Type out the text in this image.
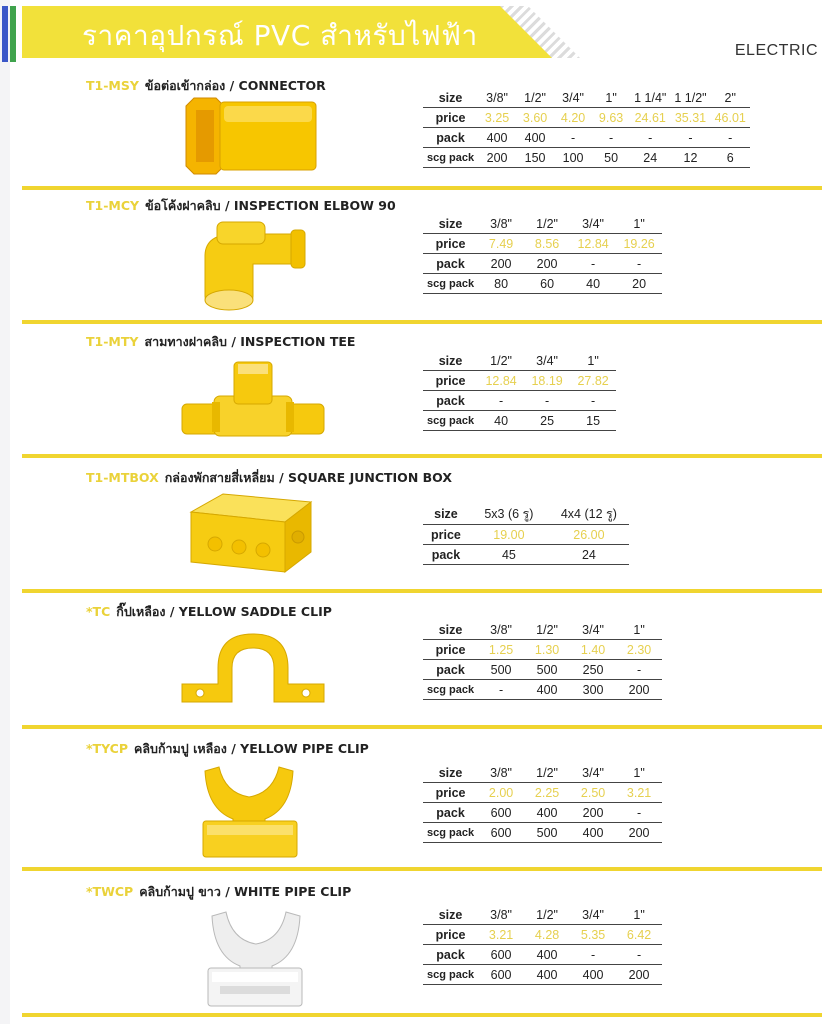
ราคาอุปกรณ์ PVC สำหรับไฟฟ้า	ELECTRIC
T1-MSY ข้อต่อเข้ากล่อง / CONNECTOR
size	3/8"	1/2"	3/4"	1"	1 1/4"	1 1/2"	2"
price	3.25	3.60	4.20	9.63	24.61	35.31	46.01
pack	400	400	-	-	-	-	-
scg pack	200	150	100	50	24	12	6
T1-MCY ข้อโค้งฝาคลิบ / INSPECTION ELBOW 90
size	3/8"	1/2"	3/4"	1"
price	7.49	8.56	12.84	19.26
pack	200	200	-	-
scg pack	80	60	40	20
T1-MTY สามทางฝาคลิบ / INSPECTION TEE
size	1/2"	3/4"	1"
price	12.84	18.19	27.82
pack	-	-	-
scg pack	40	25	15
T1-MTBOX กล่องพักสายสี่เหลี่ยม / SQUARE JUNCTION BOX
size	5x3 (6 รู)	4x4 (12 รู)
price	19.00	26.00
pack	45	24
*TC กิ๊ปเหลือง / YELLOW SADDLE CLIP
size	3/8"	1/2"	3/4"	1"
price	1.25	1.30	1.40	2.30
pack	500	500	250	-
scg pack	-	400	300	200
*TYCP คลิบก้ามปู เหลือง / YELLOW PIPE CLIP
size	3/8"	1/2"	3/4"	1"
price	2.00	2.25	2.50	3.21
pack	600	400	200	-
scg pack	600	500	400	200
*TWCP คลิบก้ามปู ขาว / WHITE PIPE CLIP
size	3/8"	1/2"	3/4"	1"
price	3.21	4.28	5.35	6.42
pack	600	400	-	-
scg pack	600	400	400	200
